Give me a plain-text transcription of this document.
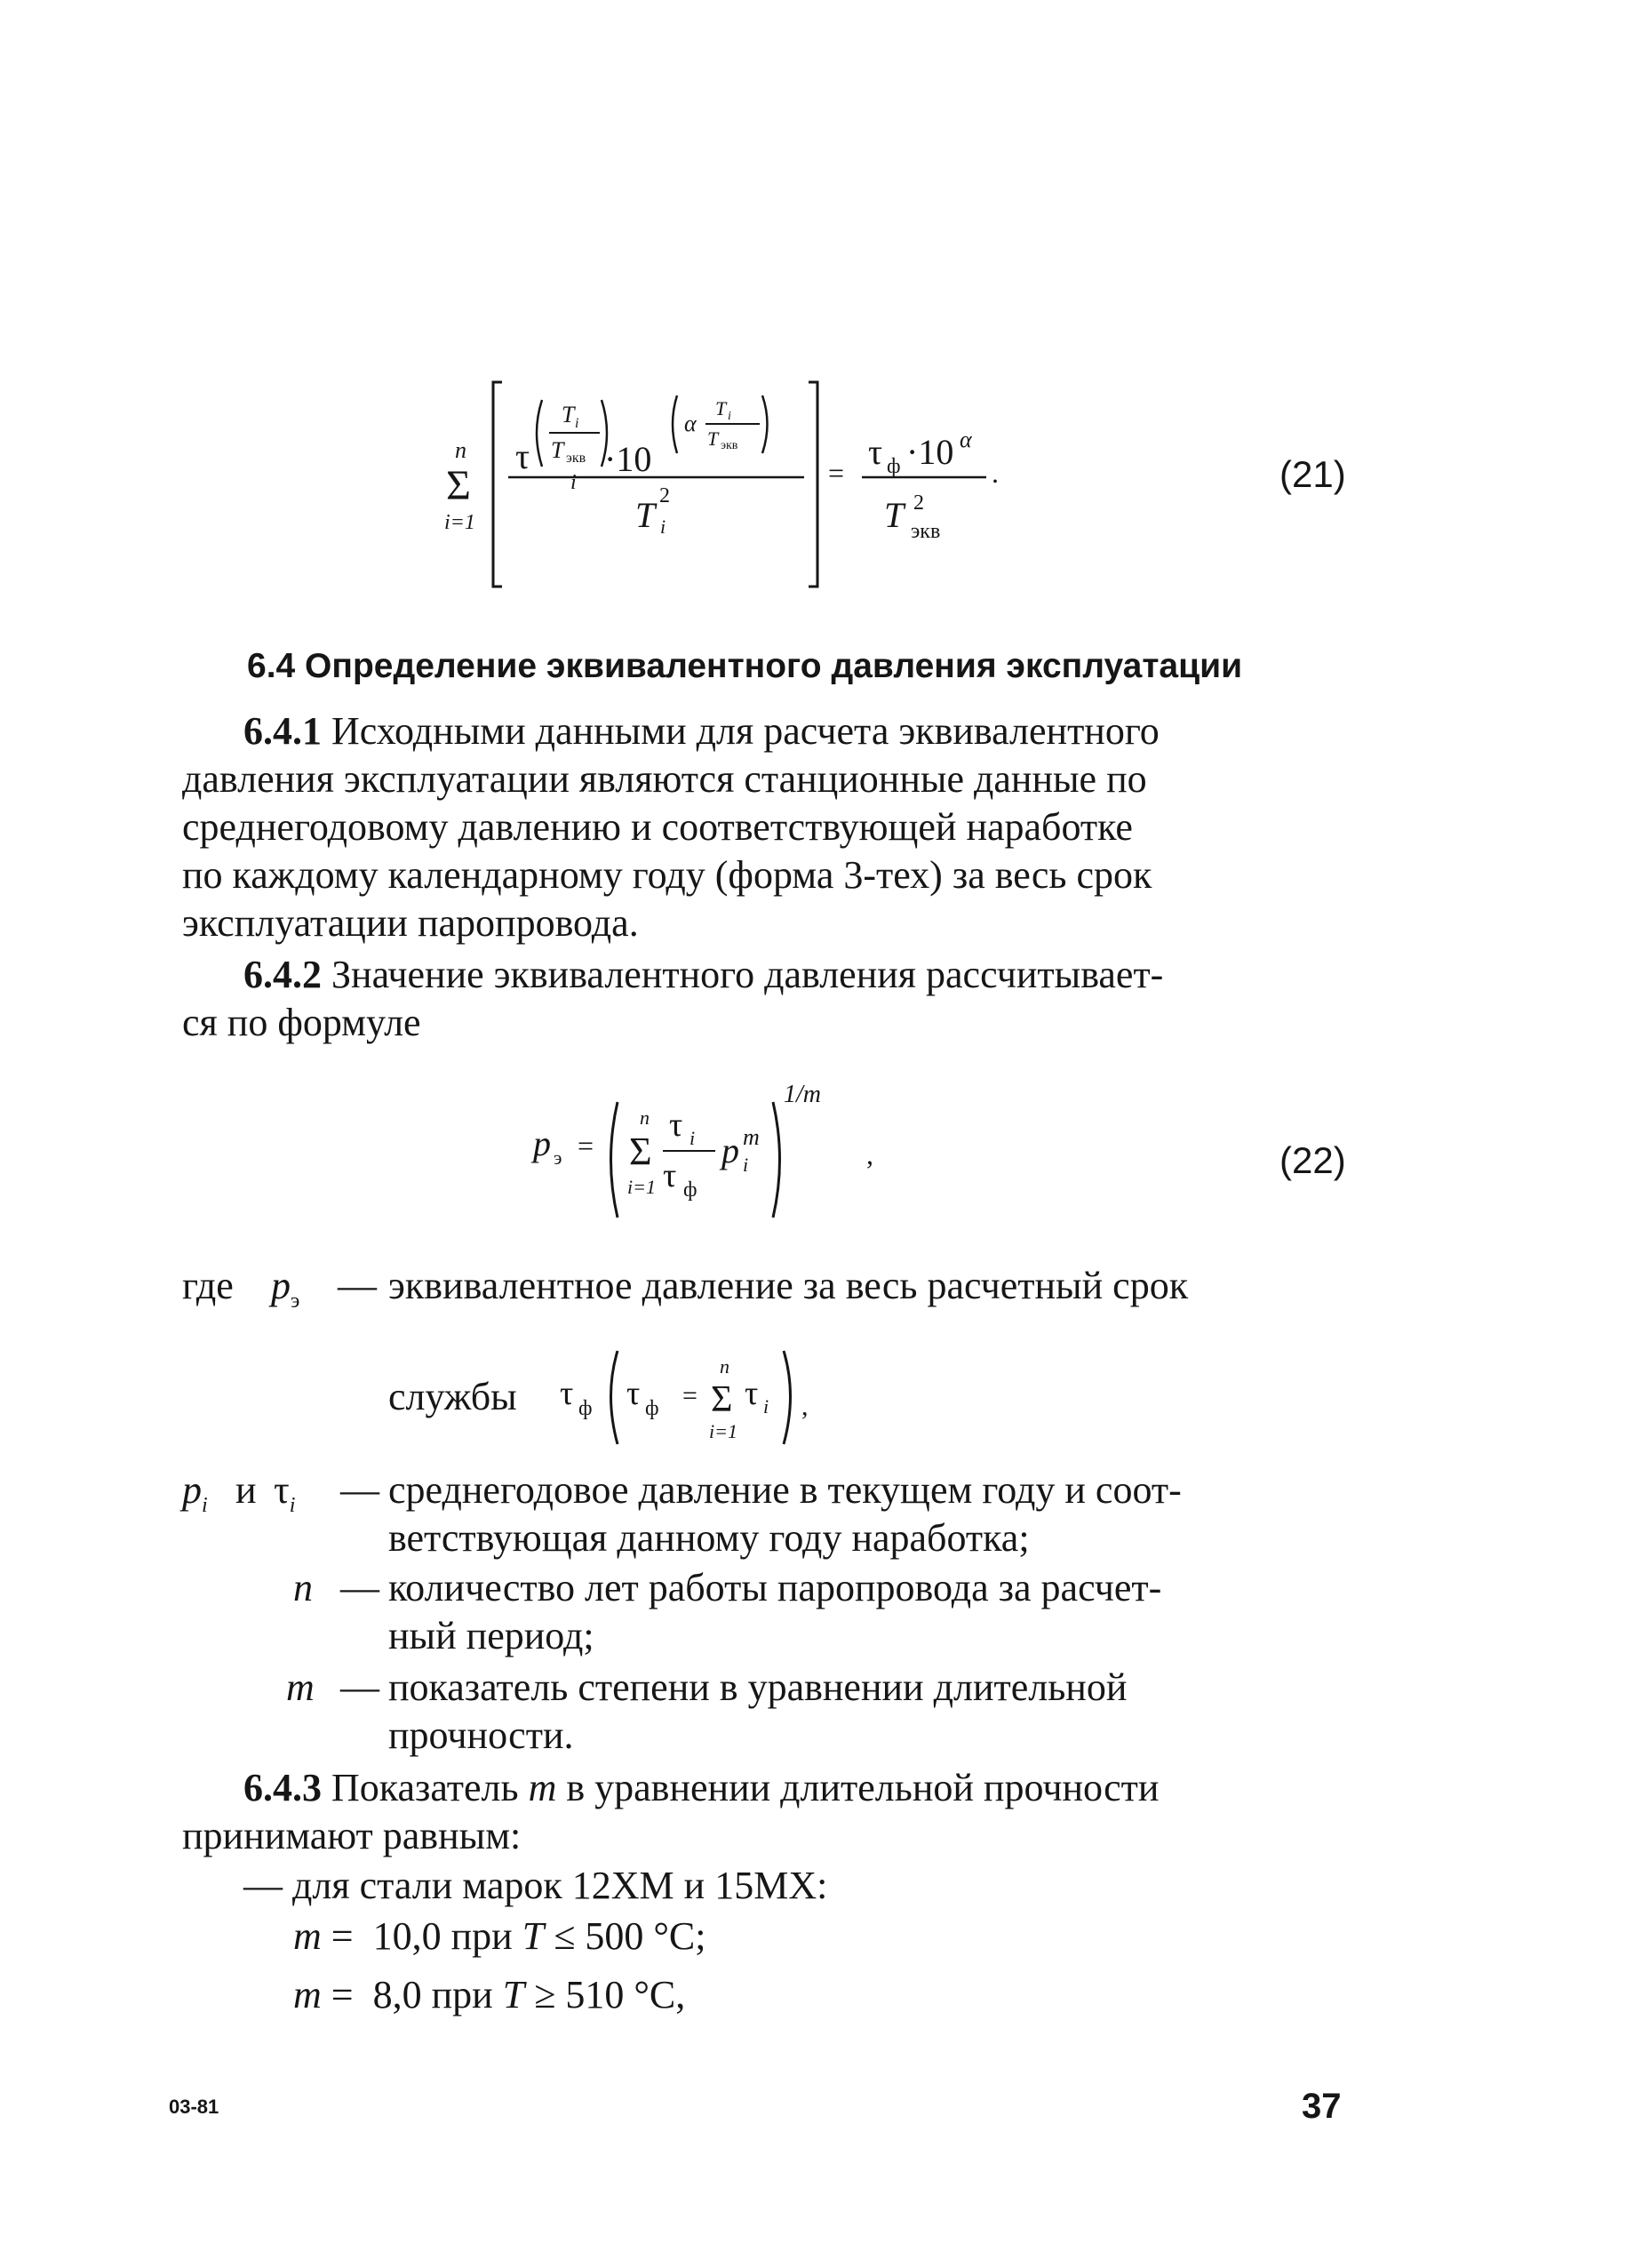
n
Σ
i=1
τ
T i
T экв
i
·10
α
T i
T экв
T 2
i
=
τ ф ·10 α
T 2
экв
.	(21)
6.4 Определение эквивалентного давления эксплуатации
6.4.1 Исходными данными для расчета эквивалентного
давления эксплуатации являются станционные данные по
среднегодовому давлению и соответствующей наработке
по каждому календарному году (форма 3-тех) за весь срок
эксплуатации паропровода.
6.4.2 Значение эквивалентного давления рассчитывает-
ся по формуле
p э =
n
Σ
i=1
τ i
τ ф
p i
m
1/m
,	(22)
где $p_э$ — эквивалентное давление за весь расчетный срок
службы τ ф τ ф =
n
Σ
i=1
τ i ,
$p_i$ и $\tau_i$ — среднегодовое давление в текущем году и соот-
ветствующая данному году наработка;
n — количество лет работы паропровода за расчет-
ный период;
m — показатель степени в уравнении длительной
прочности.
6.4.3 Показатель m в уравнении длительной прочности
принимают равным:
— для стали марок 12ХМ и 15МХ:
m =  10,0 при T ≤ 500 °С;
m =  8,0 при T ≥ 510 °С,
03-81	37
